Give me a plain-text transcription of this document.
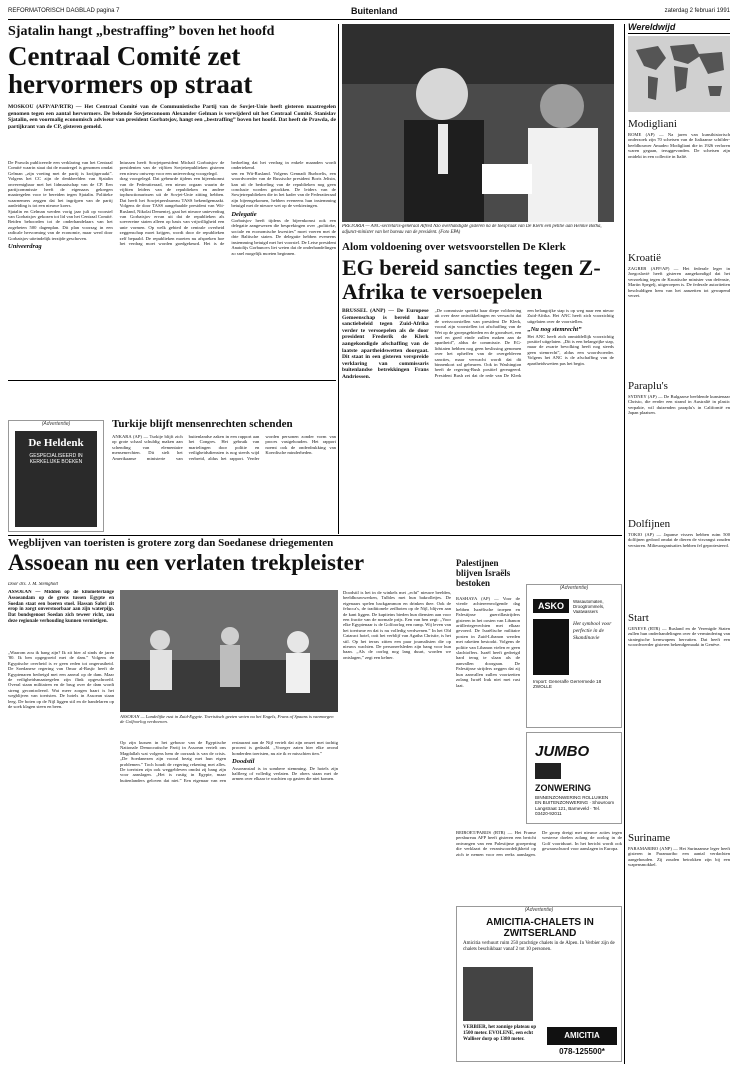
REFORMATORISCH DAGBLAD pagina 7	Buitenland	zaterdag 2 februari 1991
Sjatalin hangt „bestraffing” boven het hoofd
Centraal Comité zet hervormers op straat
MOSKOU (AFP/AP/RTR) — Het Centraal Comité van de Communistische Partij van de Sovjet-Unie heeft gisteren maatregelen genomen tegen een aantal hervormers. De bekende Sovjeteconoom Alexander Gelman is verwijderd uit het Centraal Comité. Stanislav Sjatalin, een voormalig economisch adviseur van president Gorbatsjov, hangt een „bestraffing” boven het hoofd. Dat heeft de Prawda, de partijkrant van de CP, gisteren gemeld.

De Prawda publiceerde een verklaring van het Centraal Comité waarin staat dat de maatregel is genomen omdat Gelman „zijn voeting met de partij is kwijtgeraakt”. Volgens het CC zijn de denkbeelden van Sjatalin onverenigbaar met het lidmaatschap van de CP. Een partijcommissie heeft de eigenaars gekregen maatregelen voor te bereiden tegen Sjatalin. Politieke waarnemers zeggen dat het ingrijpen van de partij aanleiding is tot een nieuwe koers.

Sjatalin en Gelman werden vorig jaar juli op voorstel van Gorbatsjov gekozen tot lid van het Centraal Comité. Beiden behoorden tot de onderhandelaars van het zogeheten 500 dagenplan. Dit plan voorzag in een radicale hervorming van de economie, maar werd door Gorbatsjov uiteindelijk terzijde geschoven.

Univeerdrag

Intussen heeft Sowjetpresident Michail Gorbatsjov de presidenten van de vijftien Sovjetrepublieken gisteren een nieuw ontwerp voor een unieverdrag voorgelegd.

drag voorgelegd. Dat gebeurde tijdens een bijeenkomst van de Federatieraad, een nieuw orgaan waarin de vijftien leiders van de republieken en andere topfunctionarissen uit de Sovjet-Unie zitting hebben. Dat heeft het Sowjetpersbureau TASS bekendgemaakt. Volgens de door TASS aangehaalde president van Wit-Rusland, Nikolai Dementej, gaat het nieuwe unieverdrag van Gorbatsjov ervan uit dat de republieken als soevereine staten alleen op basis van vrijwilligheid een unie vormen. Op welk gebied de centrale overheid zeggenschap moet krijgen, wordt door de republieken zelf bepaald. De republieken moeten nu afspreken hoe het verdrag moet worden goedgekeurd. Het is de bedoeling dat het verdrag in enkele maanden wordt ondertekend.

sen en Wit-Rusland. Volgens Gennadi Burboelis, een woordvoerder van de Russische president Boris Jeltsin, kan uit de bedoeling van de republieken nog geen conclusie worden getrokken. De leiders van de Sowjetrepublieken die in het kader van de Federatieraad zijn bijeengekomen, hebben eveneens hun instemming betuigd met de nieuwe wet op de verkiezingen.

Delegatie

Gorbatsjov heeft tijdens de bijeenkomst ook een delegatie aangewezen die besprekingen over „politieke, sociale en economische kwesties” moet voeren met de drie Baltische staten. De delegatie hebben eveneens instemming betuigd met het voorstel. De Letse president Anatolijs Gorbunovs liet weten dat de onderhandelingen zo snel mogelijk moeten beginnen.

(Advertentie)
De Heldenk
GESPECIALISEERD IN KERKELIJKE BOEKEN
Turkije blijft mensenrechten schenden
ANKARA (AP) — Turkije blijft zich op grote schaal schuldig maken aan schending van elementaire mensenrechten. Dit stelt het Amerikaanse ministerie van buitenlandse zaken in een rapport aan het Congres. Het gebruik van martelingen door politie en veiligheidsdiensten is nog steeds wijd verbreid, aldus het rapport. Verder worden personen zonder vorm van proces vastgehouden. Het rapport noemt ook de onderdrukking van Koerdische minderheden.
Wegblijven van toeristen is grotere zorg dan Soedanese driegementen
Assoean nu een verlaten trekpleister
Door drs. J. M. Stemgholt
ASSOEAN — Midden op de kilometerlange Assoeandam op de grens tussen Egypte en Soedan staat een boeren stoel. Hassan Sabri zit erop in zorgt onverstoorbaar aan zijn waterpijp. Dat bondsgenoot Soedan zich teweer richt, zou deze regionale verhouding kunnen vernietigen.
„Waarom zou ik bang zijn? Ik zit hier al sinds de jaren '80. Ik ben opgegroeid met de dam.” Volgens de Egyptische overheid is er geen reden tot ongerustheid. De Soedanese regering van Omar al-Basjir heeft de Egyptenaren bedreigd met een aanval op de dam. Maar de veiligheidsmaatregelen zijn flink opgeschroefd. Overal staan militairen en de brug over de dam wordt streng gecontroleerd. Wat meer zorgen baart is het wegblijven van toeristen. De hotels in Assoean staan leeg. De boten op de Nijl liggen stil en de handelaren op de soek klagen steen en been.
ASSOEAN — Landelijke rust in Zuid-Egypte. Toeristisch gezien weten nu het Engels, Frans of Spaans is vanmorgen de Golfoorlog verdwenen.

Op zijn kussen in het gebouw van de Egyptische Nationale Democratische Partij in Assoean vertelt ons Magdallah wat volgens hem de oorzaak is van de crisis. „De Soedanezen zijn vooral bezig met hun eigen problemen.” Toch houdt de regering rekening met alles. De toeristen zijn ook weggebleven omdat zij bang zijn voor aanslagen. „Het is rustig in Egypte, maar buitenlanders geloven dat niet.” Een eigenaar van een restaurant aan de Nijl vertelt dat zijn omzet met tachtig procent is gedaald. „Vroeger zaten hier elke avond honderden toeristen, nu zie ik er misschien tien.”

Doodstil

Assoeanstad is in sombere stemming. De hotels zijn halfleeg of volledig verlaten. De obers staan met de armen over elkaar te wachten op gasten die niet komen.

Doodstil is het in de winkels met „echt” nieuwe beelden, beeldhouwwerken, Tulbles met hun bakrolletjes. De eigenaars spelen backgammon en drinken thee. Ook de felucca's, de traditionele zeilboten op de Nijl, blijven aan de kant liggen. De kapiteins bieden hun diensten aan voor een fractie van de normale prijs. Een van hen zegt: „Voor elke Egyptenaar is de Golfoorlog een ramp. Wij leven van het toerisme en dat is nu volledig verdwenen.” In het Old Cataract hotel, ooit het verblijf van Agatha Christie, is het stil. Op het terras zitten een paar journalisten die op nieuws wachten. De personeelsleden zijn bang voor hun baan. „Als de oorlog nog lang duurt, worden we ontslagen,” zegt een kelner.
PRETORIA — ANC-secretaris-generaal Alfred Nzo overhandigde gisteren na de toespraak van De Klerk een petitie aan Hennie Botha, adjunct-minister van het bureau van de president. (Foto EPA)
Alom voldoening over wetsvoorstellen De Klerk
EG bereid sancties tegen Z-Afrika te versoepelen

BRUSSEL (ANP) — De Europese Gemeenschap is bereid haar sanctiebeleid tegen Zuid-Afrika verder te versoepelen als de door president Frederik de Klerk aangekondigde afschaffing van de laatste apartheidswetten doorgaat. Dit staat in een gisteren verspreide verklaring van commissaris buitenlandse betrekkingen Frans Andriessen.

„De commissie spreekt haar diepe voldoening uit over deze ontwikkelingen en verwacht dat de wetsvoorstellen van president De Klerk, vooral zijn voorstellen tot afschaffing van de Wet op de groepsgebieden en de grondwet, een snel en goed einde zullen maken aan de apartheid”, aldus de commissie. De EG-lidstaten hebben nog geen beslissing genomen over het opheffen van de overgebleven sancties, maar verwacht wordt dat dit binnenkort zal gebeuren. Ook in Washington heeft de regering-Bush positief gereageerd. President Bush zei dat de rede van De Klerk een belangrijke stap is op weg naar een nieuw Zuid-Afrika. Het ANC heeft zich voorzichtig uitgelaten over de voorstellen.

„Nu nog stemrecht”

Het ANC heeft zich onmiddellijk voorzichtig positief uitgelaten. „Dit is een belangrijke stap, maar de zwarte bevolking heeft nog steeds geen stemrecht”, aldus een woordvoerder. Volgens het ANC is de afschaffing van de apartheidswetten pas het begin.

Palestijnen blijven Israëls bestoken
RASHAYA (AP) — Voor de vierde achtereenvolgende dag hebben Israëlische troepen en Palestijnse guerrillastrijders gisteren in het oosten van Libanon artilleriegevechten met elkaar gevoerd. De Israëlische militaire posten in Zuid-Libanon werden met raketten bestookt. Volgens de politie van Libanon vielen er geen slachtoffers. Israël heeft gedreigd hard terug te slaan als de aanvallen doorgaan. De Palestijnse strijders zeggen dat zij hun aanvallen zullen voortzetten zolang Israël Irak niet met rust laat.
(Advertentie)
ASKO	Wasautomaten, Droogtrommels, Vaatwassers
Het symbool voor perfectie in de Skandinavie
Import: Generalfe Gerrermede 18 ZWOLLE
JUMBO
ZONWERING
BINNENZONWERING ROLLUIKEN EN BUITENZONWERING · Showroom Langstraat 121, Barneveld · Tel. 03420-92011
BEIROET/PARIJS (RTR) — Het Franse persbureau AFP heeft gisteren een bericht ontvangen van een Palestijnse groepering die verklaart de verantwoordelijkheid op zich te nemen voor een reeks aanslagen. De groep dreigt met nieuwe acties tegen westerse doelen zolang de oorlog in de Golf voortduurt. In het bericht wordt ook gewaarschuwd voor aanslagen in Europa.
(Advertentie)
AMICITIA-CHALETS IN ZWITSERLAND
Amicitia verhuurt ruim 250 prachtige chalets in de Alpen. In Verbier zijn de chalets beschikbaar vanaf 2 tot 10 personen.
VERBIER, het zonnige plateau op 1500 meter. EVOLENE, een echt Walliser dorp op 1380 meter.	AMICITIA
078-125500*
Wereldwijd
Modigliani
ROME (AP) — Na jaren van kunsthistorisch onderzoek zijn 70 schetsen van de Italiaanse schilder-beeldhouwer Amadeo Modigliani die in 1926 verloren waren gegaan, teruggevonden. De schetsen zijn ontdekt in een collectie in Italië.
Kroatië
ZAGREB (AFP/AP) — Het federale leger in Joegoslavië heeft gisteren aangekondigd dat het verzoeking tegen de Kroatische minister van defensie, Martin Spegelj, uitgeroepen is. De federale autoriteiten beschuldigen hem van het aanzetten tot gewapend verzet.
Paraplu's
SYDNEY (AP) — De Bulgaarse beeldende kunstenaar Christo, die eerder een strand in Australië in plastic verpakte, wil duizenden paraplu's in Californië en Japan plaatsen.
Dolfijnen
TOKIO (AP) — Japanse vissers hebben ruim 500 dolfijnen gedood omdat de dieren de visvangst zouden verstoren. Milieuorganisaties hebben fel geprotesteerd.
Start
GENEVE (RTR) — Rusland en de Verenigde Staten zullen hun onderhandelingen over de vermindering van strategische kernwapens hervatten. Dat heeft een woordvoerder gisteren bekendgemaakt in Genève.
Suriname
PARAMARIBO (ANP) — Het Surinaamse leger heeft gisteren in Paramaribo een aantal verdachten aangehouden. Zij zouden betrokken zijn bij een wapensmokkel.
